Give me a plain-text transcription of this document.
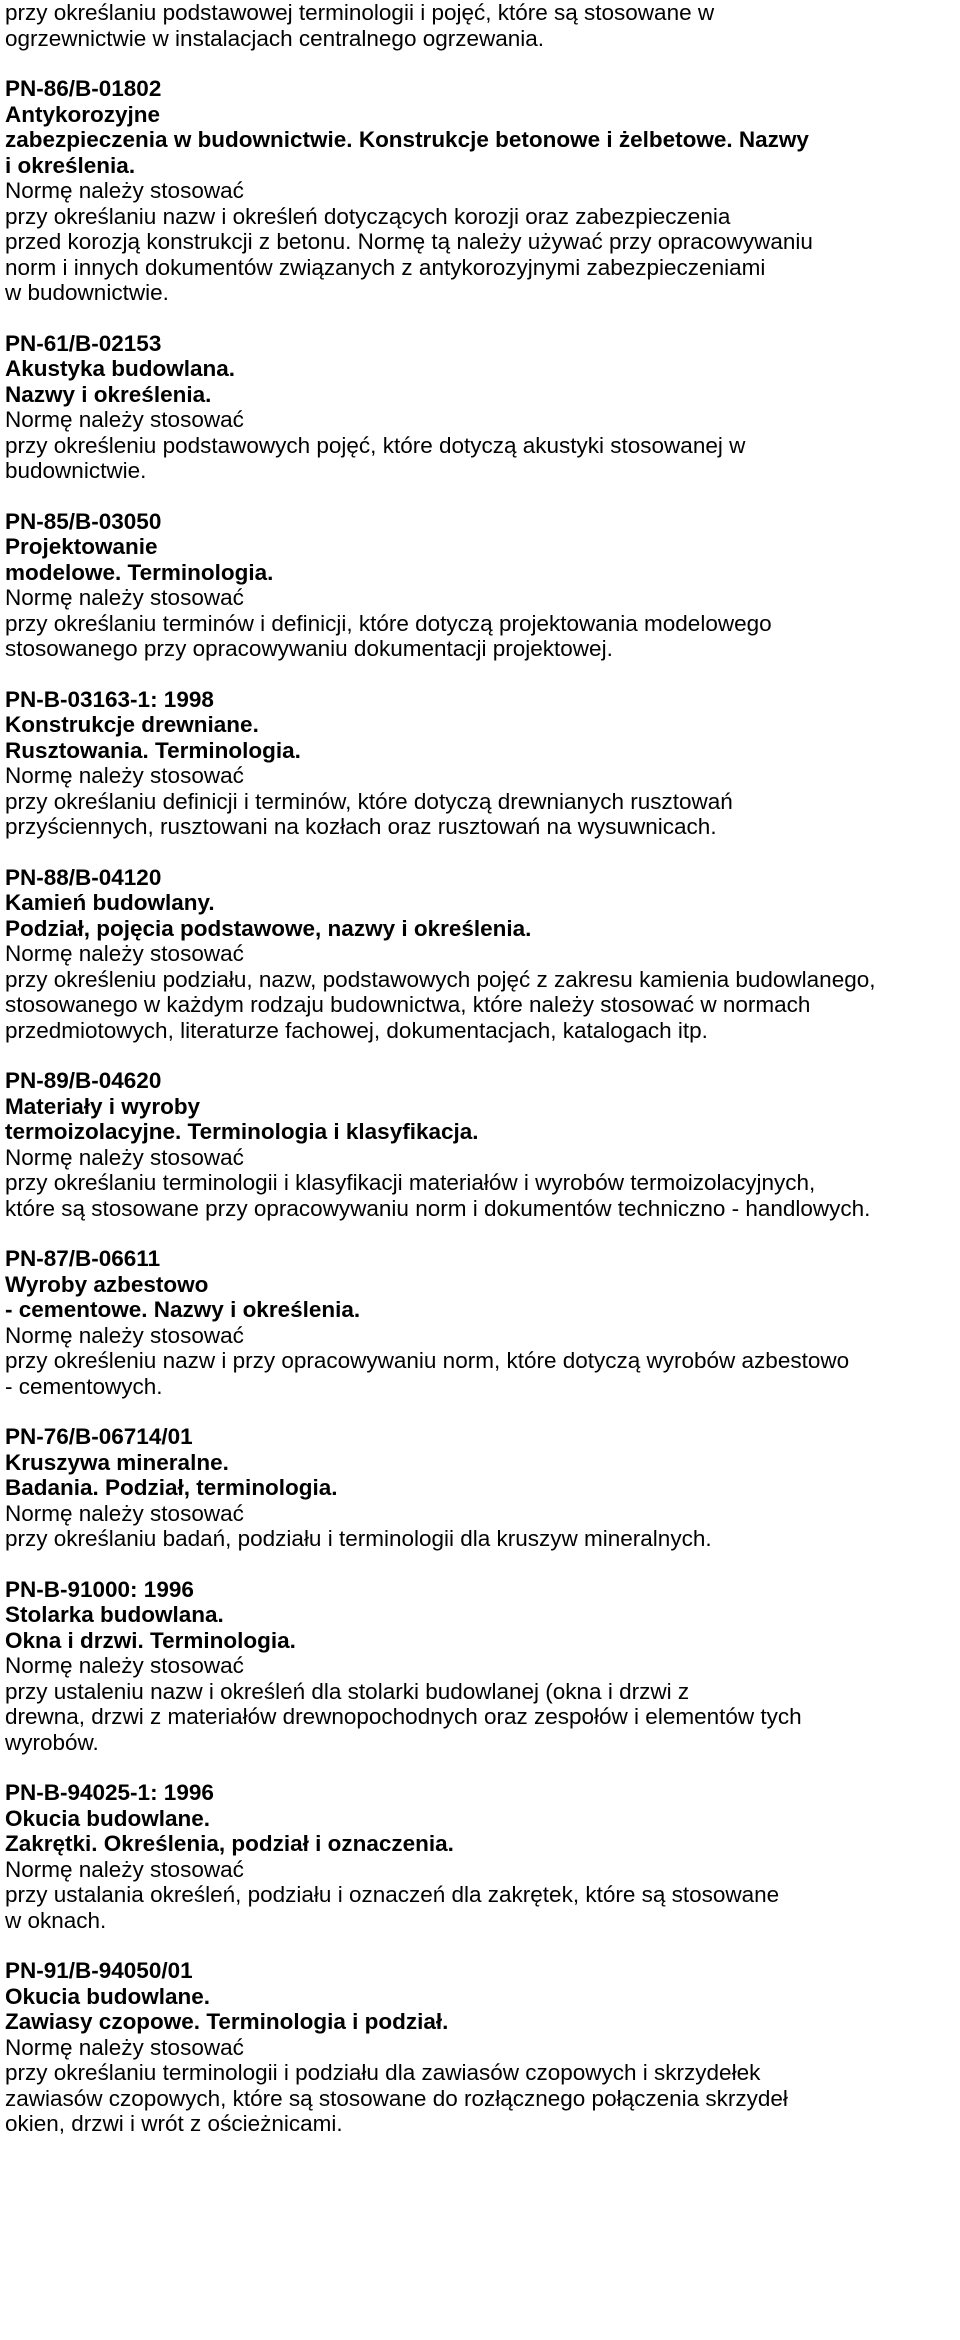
przy określaniu podstawowej terminologii i pojęć, które są stosowane w
ogrzewnictwie w instalacjach centralnego ogrzewania.
PN-86/B-01802
Antykorozyjne
zabezpieczenia w budownictwie. Konstrukcje betonowe i żelbetowe. Nazwy
i określenia.
Normę należy stosować
przy określaniu nazw i określeń dotyczących korozji oraz zabezpieczenia
przed korozją konstrukcji z betonu. Normę tą należy używać przy opracowywaniu
norm i innych dokumentów związanych z antykorozyjnymi zabezpieczeniami
w budownictwie.
PN-61/B-02153
Akustyka budowlana.
Nazwy i określenia.
Normę należy stosować
przy określeniu podstawowych pojęć, które dotyczą akustyki stosowanej w
budownictwie.
PN-85/B-03050
Projektowanie
modelowe. Terminologia.
Normę należy stosować
przy określaniu terminów i definicji, które dotyczą projektowania modelowego
stosowanego przy opracowywaniu dokumentacji projektowej.
PN-B-03163-1: 1998
Konstrukcje drewniane.
Rusztowania. Terminologia.
Normę należy stosować
przy określaniu definicji i terminów, które dotyczą drewnianych rusztowań
przyściennych, rusztowani na kozłach oraz rusztowań na wysuwnicach.
PN-88/B-04120
Kamień budowlany.
Podział, pojęcia podstawowe, nazwy i określenia.
Normę należy stosować
przy określeniu podziału, nazw, podstawowych pojęć z zakresu kamienia budowlanego,
stosowanego w każdym rodzaju budownictwa, które należy stosować w normach
przedmiotowych, literaturze fachowej, dokumentacjach, katalogach itp.
PN-89/B-04620
Materiały i wyroby
termoizolacyjne. Terminologia i klasyfikacja.
Normę należy stosować
przy określaniu terminologii i klasyfikacji materiałów i wyrobów termoizolacyjnych,
które są stosowane przy opracowywaniu norm i dokumentów techniczno - handlowych.
PN-87/B-06611
Wyroby azbestowo
- cementowe. Nazwy i określenia.
Normę należy stosować
przy określeniu nazw i przy opracowywaniu norm, które dotyczą wyrobów azbestowo
- cementowych.
PN-76/B-06714/01
Kruszywa mineralne.
Badania. Podział, terminologia.
Normę należy stosować
przy określaniu badań, podziału i terminologii dla kruszyw mineralnych.
PN-B-91000: 1996
Stolarka budowlana.
Okna i drzwi. Terminologia.
Normę należy stosować
przy ustaleniu nazw i określeń dla stolarki budowlanej (okna i drzwi z
drewna, drzwi z materiałów drewnopochodnych oraz zespołów i elementów tych
wyrobów.
PN-B-94025-1: 1996
Okucia budowlane.
Zakrętki. Określenia, podział i oznaczenia.
Normę należy stosować
przy ustalania określeń, podziału i oznaczeń dla zakrętek, które są stosowane
w oknach.
PN-91/B-94050/01
Okucia budowlane.
Zawiasy czopowe. Terminologia i podział.
Normę należy stosować
przy określaniu terminologii i podziału dla zawiasów czopowych i skrzydełek
zawiasów czopowych, które są stosowane do rozłącznego połączenia skrzydeł
okien, drzwi i wrót z ościeżnicami.
